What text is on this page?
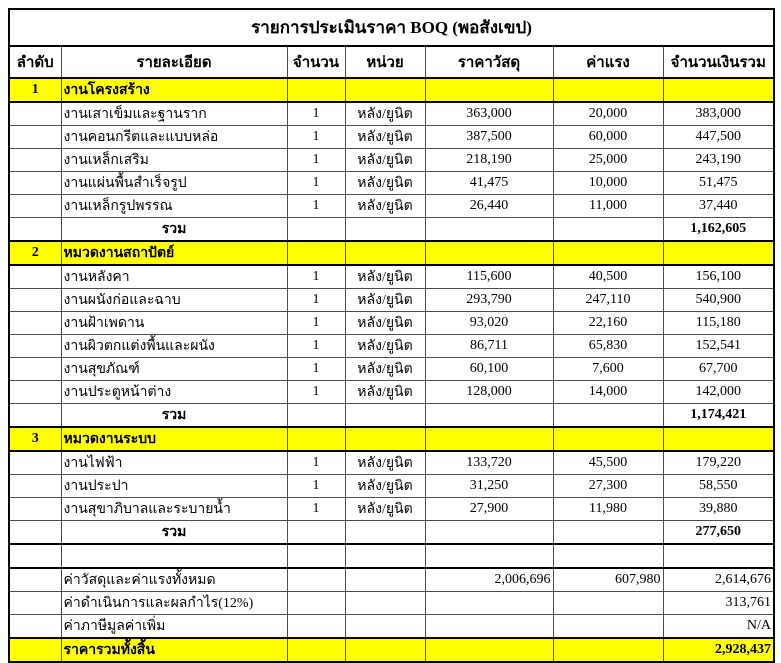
รายการประเมินราคา BOQ (พอสังเขป)						
ลำดับ	รายละเอียด	จำนวน	หน่วย	ราคาวัสดุ	ค่าแรง	จำนวนเงินรวม
1	งานโครงสร้าง					
	งานเสาเข็มและฐานราก	1	หลัง/ยูนิต	363,000	20,000	383,000
	งานคอนกรีตและแบบหล่อ	1	หลัง/ยูนิต	387,500	60,000	447,500
	งานเหล็กเสริม	1	หลัง/ยูนิต	218,190	25,000	243,190
	งานแผ่นพื้นสำเร็จรูป	1	หลัง/ยูนิต	41,475	10,000	51,475
	งานเหล็กรูปพรรณ	1	หลัง/ยูนิต	26,440	11,000	37,440
	รวม					1,162,605
2	หมวดงานสถาปัตย์					
	งานหลังคา	1	หลัง/ยูนิต	115,600	40,500	156,100
	งานผนังก่อและฉาบ	1	หลัง/ยูนิต	293,790	247,110	540,900
	งานฝ้าเพดาน	1	หลัง/ยูนิต	93,020	22,160	115,180
	งานผิวตกแต่งพื้นและผนัง	1	หลัง/ยูนิต	86,711	65,830	152,541
	งานสุขภัณฑ์	1	หลัง/ยูนิต	60,100	7,600	67,700
	งานประตูหน้าต่าง	1	หลัง/ยูนิต	128,000	14,000	142,000
	รวม					1,174,421
3	หมวดงานระบบ					
	งานไฟฟ้า	1	หลัง/ยูนิต	133,720	45,500	179,220
	งานประปา	1	หลัง/ยูนิต	31,250	27,300	58,550
	งานสุขาภิบาลและระบายน้ำ	1	หลัง/ยูนิต	27,900	11,980	39,880
	รวม					277,650

	ค่าวัสดุและค่าแรงทั้งหมด			2,006,696	607,980	2,614,676
	ค่าดำเนินการและผลกำไร(12%)					313,761
	ค่าภาษีมูลค่าเพิ่ม					N/A
	ราคารวมทั้งสิ้น					2,928,437
